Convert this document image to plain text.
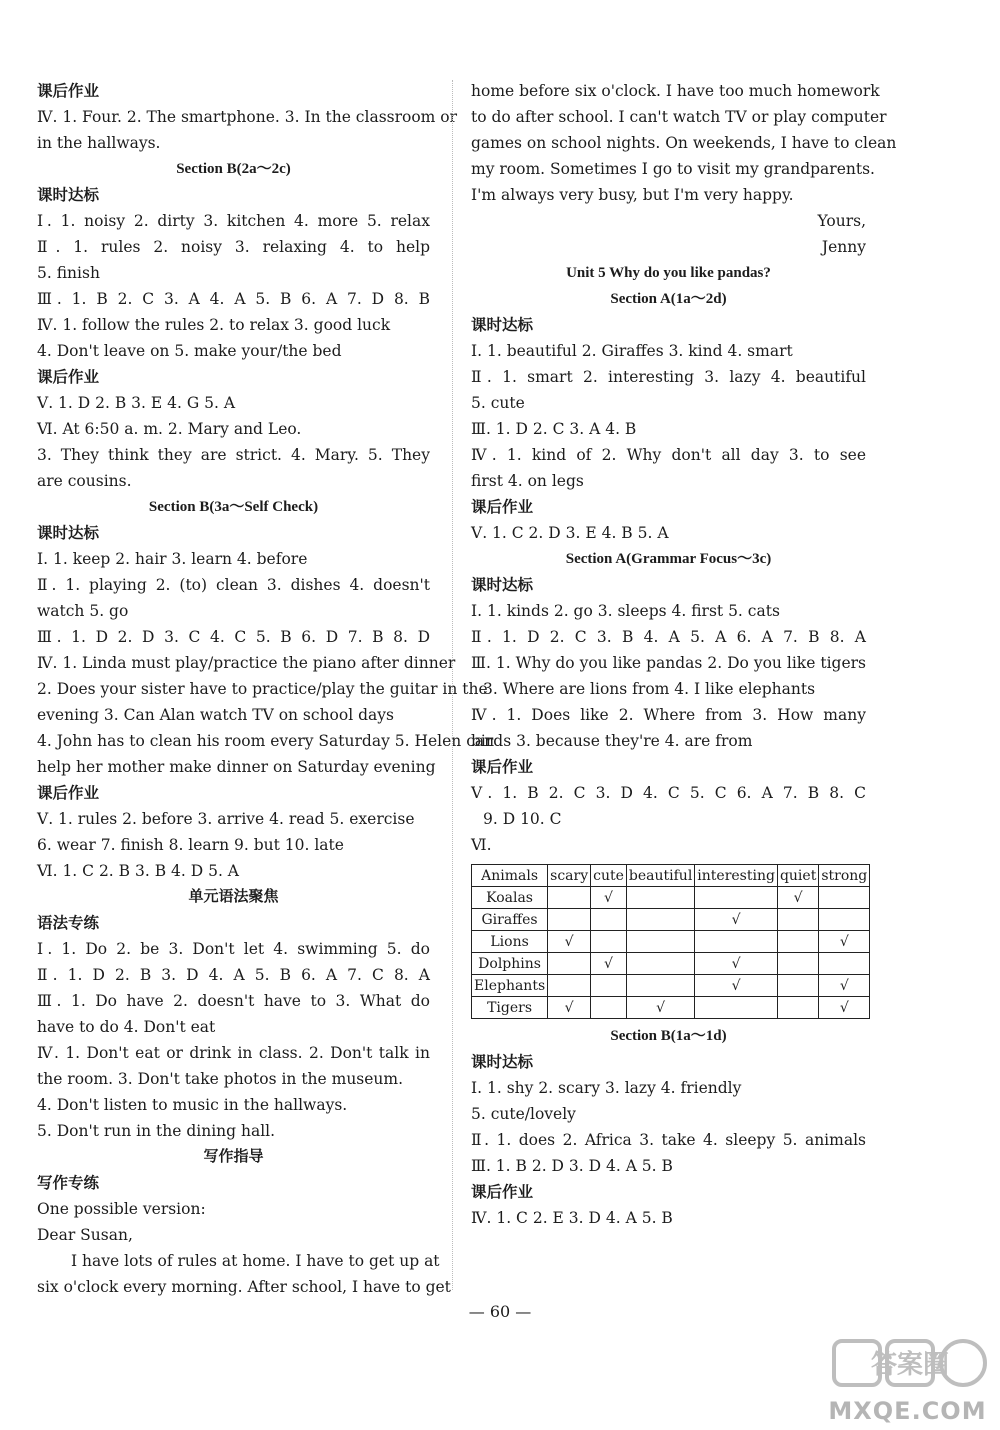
课后作业
Ⅳ. 1. Four. 2. The smartphone. 3. In the classroom or
in the hallways.
Section B(2a～2c)
课时达标
Ⅰ. 1. noisy 2. dirty 3. kitchen 4. more 5. relax
Ⅱ. 1. rules 2. noisy 3. relaxing 4. to help
5. finish
Ⅲ. 1. B 2. C 3. A 4. A 5. B 6. A 7. D 8. B
Ⅳ. 1. follow the rules 2. to relax 3. good luck
4. Don't leave on 5. make your/the bed
课后作业
Ⅴ. 1. D 2. B 3. E 4. G 5. A
Ⅵ. At 6:50 a. m. 2. Mary and Leo.
3. They think they are strict. 4. Mary. 5. They
are cousins.
Section B(3a～Self Check)
课时达标
Ⅰ. 1. keep 2. hair 3. learn 4. before
Ⅱ. 1. playing 2. (to) clean 3. dishes 4. doesn't
watch 5. go
Ⅲ. 1. D 2. D 3. C 4. C 5. B 6. D 7. B 8. D
Ⅳ. 1. Linda must play/practice the piano after dinner
2. Does your sister have to practice/play the guitar in the
evening 3. Can Alan watch TV on school days
4. John has to clean his room every Saturday 5. Helen can
help her mother make dinner on Saturday evening
课后作业
Ⅴ. 1. rules 2. before 3. arrive 4. read 5. exercise
6. wear 7. finish 8. learn 9. but 10. late
Ⅵ. 1. C 2. B 3. B 4. D 5. A
单元语法聚焦
语法专练
Ⅰ. 1. Do 2. be 3. Don't let 4. swimming 5. do
Ⅱ. 1. D 2. B 3. D 4. A 5. B 6. A 7. C 8. A
Ⅲ. 1. Do have 2. doesn't have to 3. What do
have to do 4. Don't eat
Ⅳ. 1. Don't eat or drink in class. 2. Don't talk in
the room. 3. Don't take photos in the museum.
4. Don't listen to music in the hallways.
5. Don't run in the dining hall.
写作指导
写作专练
One possible version:
Dear Susan,
I have lots of rules at home. I have to get up at
six o'clock every morning. After school, I have to get
home before six o'clock. I have too much homework
to do after school. I can't watch TV or play computer
games on school nights. On weekends, I have to clean
my room. Sometimes I go to visit my grandparents.
I'm always very busy, but I'm very happy.
Yours,
Jenny
Unit 5 Why do you like pandas?
Section A(1a～2d)
课时达标
Ⅰ. 1. beautiful 2. Giraffes 3. kind 4. smart
Ⅱ. 1. smart 2. interesting 3. lazy 4. beautiful
5. cute
Ⅲ. 1. D 2. C 3. A 4. B
Ⅳ. 1. kind of 2. Why don't all day 3. to see
first 4. on legs
课后作业
Ⅴ. 1. C 2. D 3. E 4. B 5. A
Section A(Grammar Focus～3c)
课时达标
Ⅰ. 1. kinds 2. go 3. sleeps 4. first 5. cats
Ⅱ. 1. D 2. C 3. B 4. A 5. A 6. A 7. B 8. A
Ⅲ. 1. Why do you like pandas 2. Do you like tigers
3. Where are lions from 4. I like elephants
Ⅳ. 1. Does like 2. Where from 3. How many
birds 3. because they're 4. are from
课后作业
Ⅴ. 1. B 2. C 3. D 4. C 5. C 6. A 7. B 8. C
9. D 10. C
Ⅵ.
Animals	scary	cute	beautiful	interesting	quiet	strong
Koalas		√			√	
Giraffes				√		
Lions	√					√
Dolphins		√		√		
Elephants				√		√
Tigers	√		√			√
Section B(1a～1d)
课时达标
Ⅰ. 1. shy 2. scary 3. lazy 4. friendly
5. cute/lovely
Ⅱ. 1. does 2. Africa 3. take 4. sleepy 5. animals
Ⅲ. 1. B 2. D 3. D 4. A 5. B
课后作业
Ⅳ. 1. C 2. E 3. D 4. A 5. B
— 60 —
答案圈
MXQE.COM
